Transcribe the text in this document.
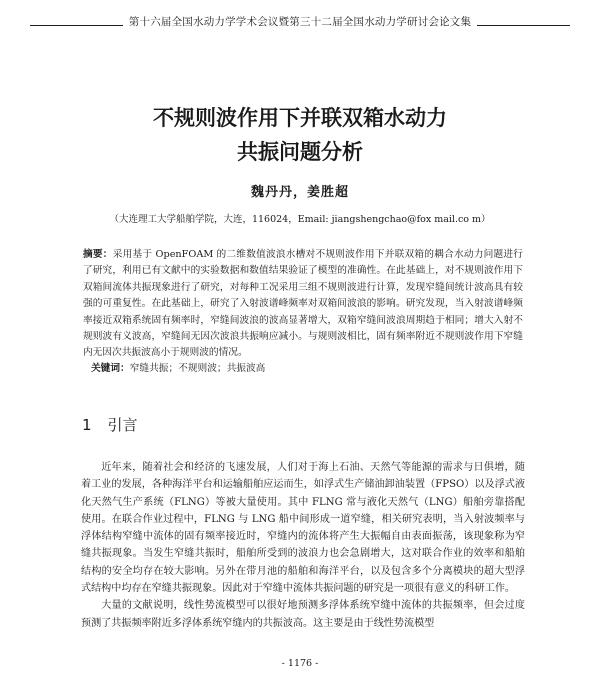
第十六届全国水动力学学术会议暨第三十二届全国水动力学研讨会论文集
不规则波作用下并联双箱水动力
共振问题分析
魏丹丹，姜胜超
（大连理工大学船舶学院，大连，116024，Email: jiangshengchao@fox mail.co m）
摘要：采用基于 OpenFOAM 的二维数值波浪水槽对不规则波作用下并联双箱的耦合水动力问题进行了研究，利用已有文献中的实验数据和数值结果验证了模型的准确性。在此基础上，对不规则波作用下双箱间流体共振现象进行了研究，对每种工况采用三组不规则波进行计算，发现窄缝间统计波高具有较强的可重复性。在此基础上，研究了入射波谱峰频率对双箱间波浪的影响。研究发现，当入射波谱峰频率接近双箱系统固有频率时，窄缝间波浪的波高显著增大，双箱窄缝间波浪周期趋于相同；增大入射不规则波有义波高，窄缝间无因次波浪共振响应减小。与规则波相比，固有频率附近不规则波作用下窄缝内无因次共振波高小于规则波的情况。
关键词：窄缝共振；不规则波；共振波高
1 引言

近年来，随着社会和经济的飞速发展，人们对于海上石油、天然气等能源的需求与日俱增，随着工业的发展，各种海洋平台和运输船舶应运而生，如浮式生产储油卸油装置（FPSO）以及浮式液化天然气生产系统（FLNG）等被大量使用。其中 FLNG 常与液化天然气（LNG）船舶旁靠搭配使用。在联合作业过程中，FLNG 与 LNG 船中间形成一道窄缝，相关研究表明，当入射波频率与浮体结构窄缝中流体的固有频率接近时，窄缝内的流体将产生大振幅自由表面振荡，该现象称为窄缝共振现象。当发生窄缝共振时，船舶所受到的波浪力也会急剧增大，这对联合作业的效率和船舶结构的安全均存在较大影响。另外在带月池的船舶和海洋平台，以及包含多个分离模块的超大型浮式结构中均存在窄缝共振现象。因此对于窄缝中流体共振问题的研究是一项很有意义的科研工作。

大量的文献说明，线性势流模型可以很好地预测多浮体系统窄缝中流体的共振频率，但会过度预测了共振频率附近多浮体系统窄缝内的共振波高。这主要是由于线性势流模型

- 1176 -
